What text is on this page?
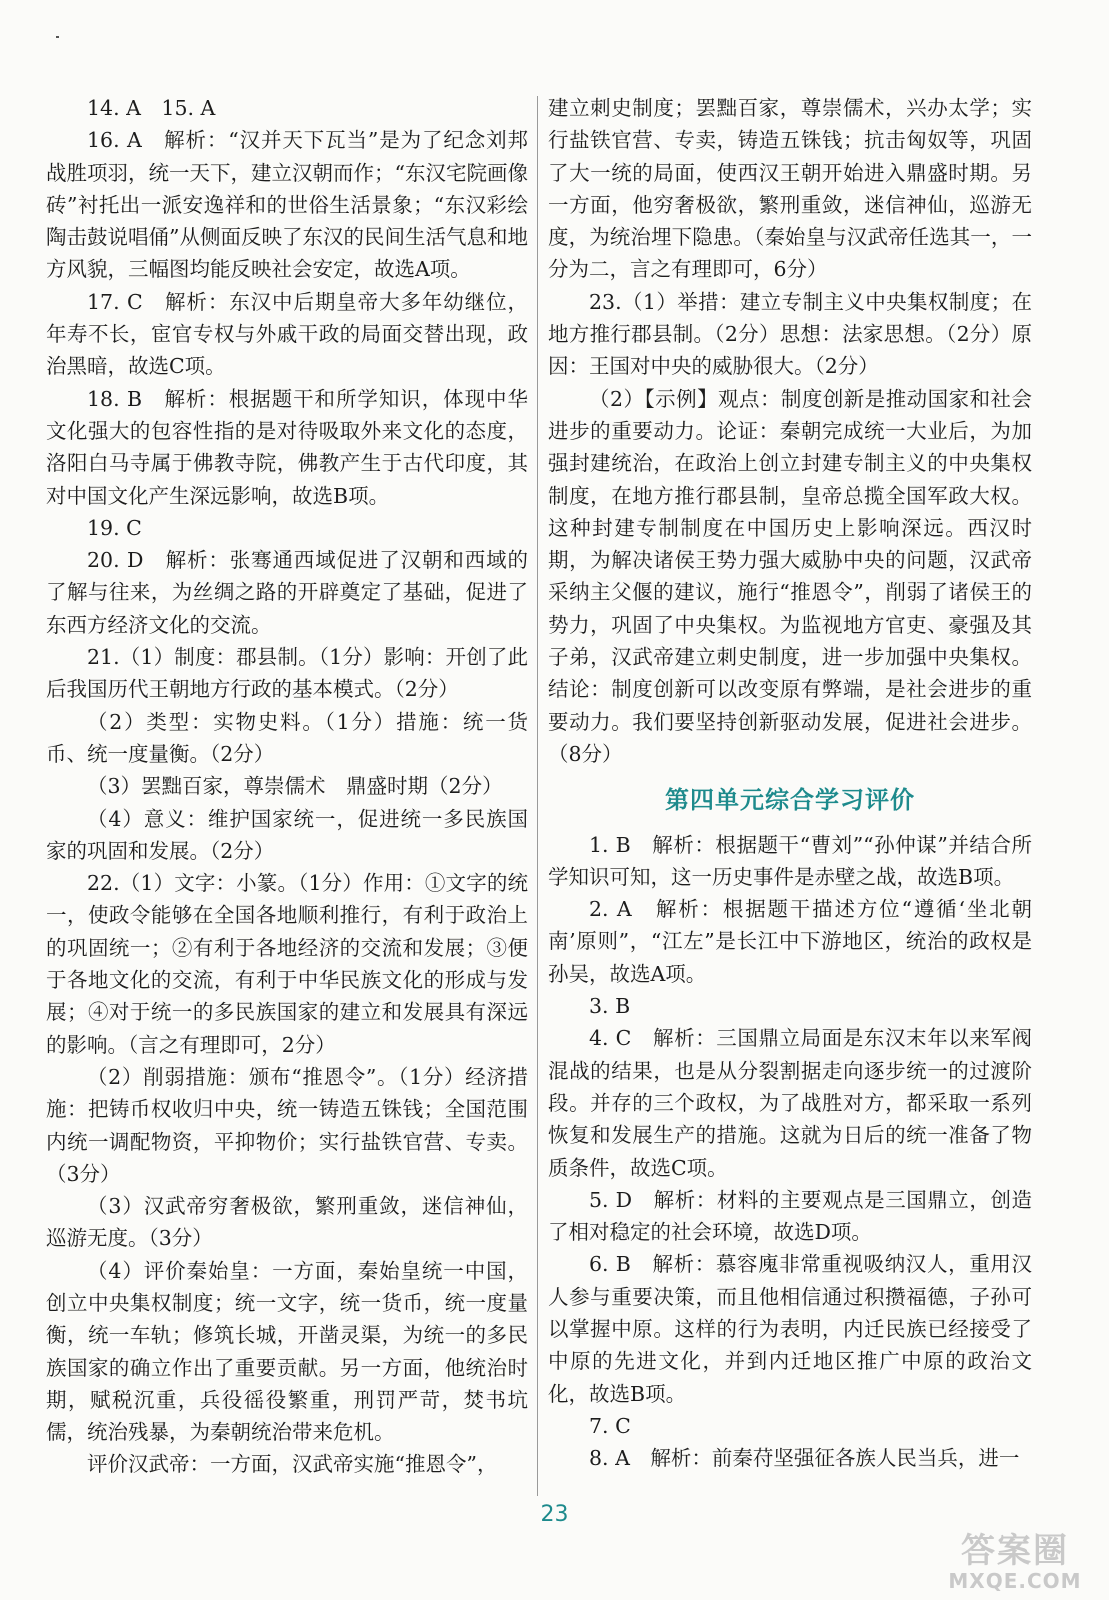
14. A　15. A

16. A　解析：“汉并天下瓦当”是为了纪念刘邦战胜项羽，统一天下，建立汉朝而作；“东汉宅院画像砖”衬托出一派安逸祥和的世俗生活景象；“东汉彩绘陶击鼓说唱俑”从侧面反映了东汉的民间生活气息和地方风貌，三幅图均能反映社会安定，故选A项。

17. C　解析：东汉中后期皇帝大多年幼继位，年寿不长，宦官专权与外戚干政的局面交替出现，政治黑暗，故选C项。

18. B　解析：根据题干和所学知识，体现中华文化强大的包容性指的是对待吸取外来文化的态度，洛阳白马寺属于佛教寺院，佛教产生于古代印度，其对中国文化产生深远影响，故选B项。

19. C

20. D　解析：张骞通西域促进了汉朝和西域的了解与往来，为丝绸之路的开辟奠定了基础，促进了东西方经济文化的交流。

21.（1）制度：郡县制。（1分）影响：开创了此后我国历代王朝地方行政的基本模式。（2分）

（2）类型：实物史料。（1分）措施：统一货币、统一度量衡。（2分）

（3）罢黜百家，尊崇儒术　鼎盛时期（2分）

（4）意义：维护国家统一，促进统一多民族国家的巩固和发展。（2分）

22.（1）文字：小篆。（1分）作用：①文字的统一，使政令能够在全国各地顺利推行，有利于政治上的巩固统一；②有利于各地经济的交流和发展；③便于各地文化的交流，有利于中华民族文化的形成与发展；④对于统一的多民族国家的建立和发展具有深远的影响。（言之有理即可，2分）

（2）削弱措施：颁布“推恩令”。（1分）经济措施：把铸币权收归中央，统一铸造五铢钱；全国范围内统一调配物资，平抑物价；实行盐铁官营、专卖。（3分）

（3）汉武帝穷奢极欲，繁刑重敛，迷信神仙，巡游无度。（3分）

（4）评价秦始皇：一方面，秦始皇统一中国，创立中央集权制度；统一文字，统一货币，统一度量衡，统一车轨；修筑长城，开凿灵渠，为统一的多民族国家的确立作出了重要贡献。另一方面，他统治时期，赋税沉重，兵役徭役繁重，刑罚严苛，焚书坑儒，统治残暴，为秦朝统治带来危机。

评价汉武帝：一方面，汉武帝实施“推恩令”，

建立刺史制度；罢黜百家，尊崇儒术，兴办太学；实行盐铁官营、专卖，铸造五铢钱；抗击匈奴等，巩固了大一统的局面，使西汉王朝开始进入鼎盛时期。另一方面，他穷奢极欲，繁刑重敛，迷信神仙，巡游无度，为统治埋下隐患。（秦始皇与汉武帝任选其一，一分为二，言之有理即可，6分）

23.（1）举措：建立专制主义中央集权制度；在地方推行郡县制。（2分）思想：法家思想。（2分）原因：王国对中央的威胁很大。（2分）

（2）【示例】观点：制度创新是推动国家和社会进步的重要动力。论证：秦朝完成统一大业后，为加强封建统治，在政治上创立封建专制主义的中央集权制度，在地方推行郡县制，皇帝总揽全国军政大权。这种封建专制制度在中国历史上影响深远。西汉时期，为解决诸侯王势力强大威胁中央的问题，汉武帝采纳主父偃的建议，施行“推恩令”，削弱了诸侯王的势力，巩固了中央集权。为监视地方官吏、豪强及其子弟，汉武帝建立刺史制度，进一步加强中央集权。结论：制度创新可以改变原有弊端，是社会进步的重要动力。我们要坚持创新驱动发展，促进社会进步。（8分）

第四单元综合学习评价

1. B　解析：根据题干“曹刘”“孙仲谋”并结合所学知识可知，这一历史事件是赤壁之战，故选B项。

2. A　解析：根据题干描述方位“遵循‘坐北朝南’原则”，“江左”是长江中下游地区，统治的政权是孙吴，故选A项。

3. B

4. C　解析：三国鼎立局面是东汉末年以来军阀混战的结果，也是从分裂割据走向逐步统一的过渡阶段。并存的三个政权，为了战胜对方，都采取一系列恢复和发展生产的措施。这就为日后的统一准备了物质条件，故选C项。

5. D　解析：材料的主要观点是三国鼎立，创造了相对稳定的社会环境，故选D项。

6. B　解析：慕容廆非常重视吸纳汉人，重用汉人参与重要决策，而且他相信通过积攒福德，子孙可以掌握中原。这样的行为表明，内迁民族已经接受了中原的先进文化，并到内迁地区推广中原的政治文化，故选B项。

7. C

8. A　解析：前秦苻坚强征各族人民当兵，进一

23
答案圈
MXQE.COM
